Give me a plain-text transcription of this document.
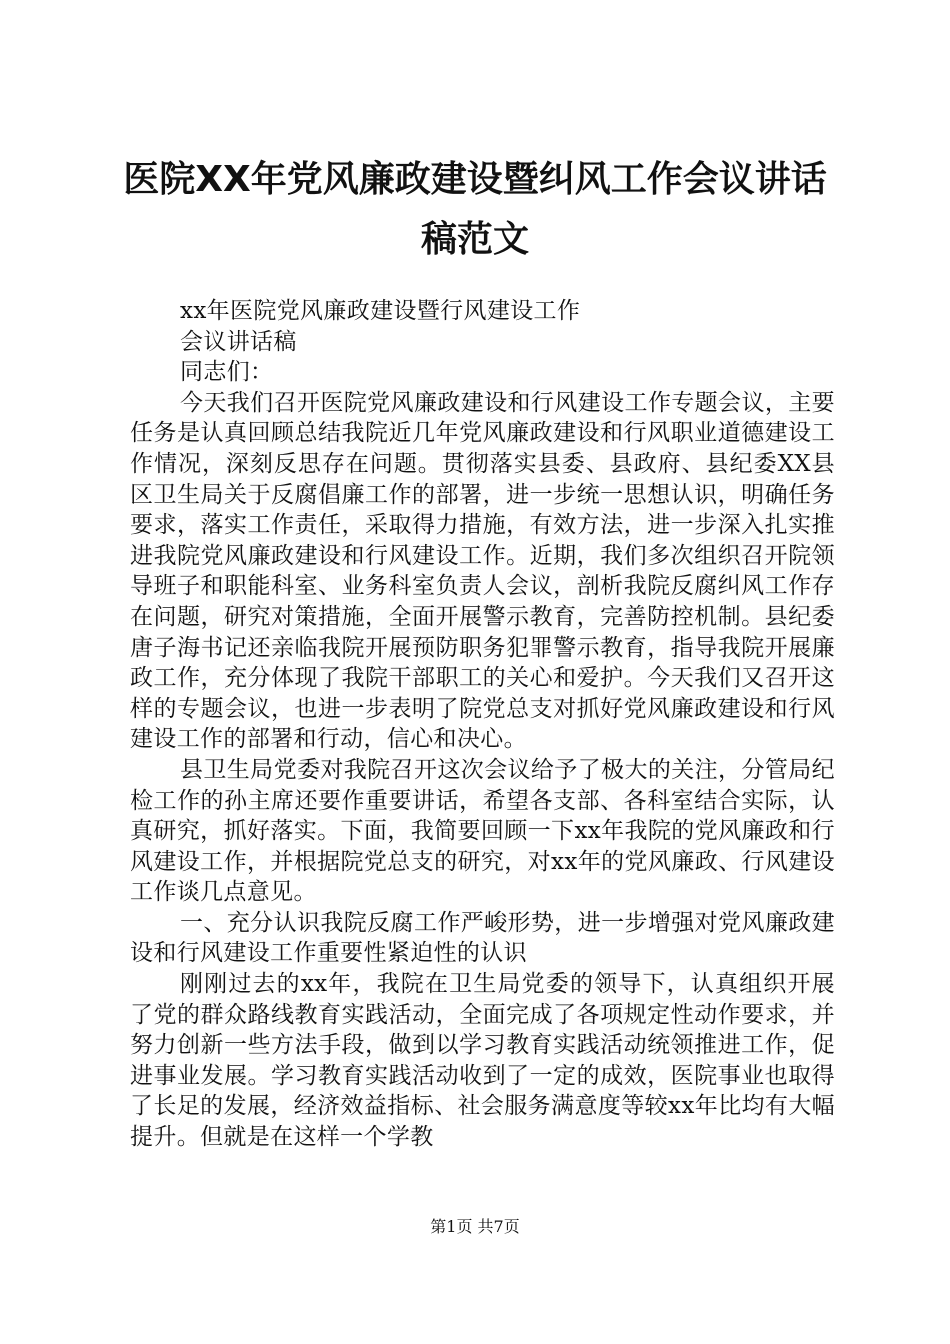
医院XX年党风廉政建设暨纠风工作会议讲话
稿范文

xx年医院党风廉政建设暨行风建设工作

会议讲话稿

同志们：

今天我们召开医院党风廉政建设和行风建设工作专题会议，主要任务是认真回顾总结我院近几年党风廉政建设和行风职业道德建设工作情况，深刻反思存在问题。贯彻落实县委、县政府、县纪委XX县区卫生局关于反腐倡廉工作的部署，进一步统一思想认识，明确任务要求，落实工作责任，采取得力措施，有效方法，进一步深入扎实推进我院党风廉政建设和行风建设工作。近期，我们多次组织召开院领导班子和职能科室、业务科室负责人会议，剖析我院反腐纠风工作存在问题，研究对策措施，全面开展警示教育，完善防控机制。县纪委唐子海书记还亲临我院开展预防职务犯罪警示教育，指导我院开展廉政工作，充分体现了我院干部职工的关心和爱护。今天我们又召开这样的专题会议，也进一步表明了院党总支对抓好党风廉政建设和行风建设工作的部署和行动，信心和决心。

县卫生局党委对我院召开这次会议给予了极大的关注，分管局纪检工作的孙主席还要作重要讲话，希望各支部、各科室结合实际，认真研究，抓好落实。下面，我简要回顾一下xx年我院的党风廉政和行风建设工作，并根据院党总支的研究，对xx年的党风廉政、行风建设工作谈几点意见。

一、充分认识我院反腐工作严峻形势，进一步增强对党风廉政建设和行风建设工作重要性紧迫性的认识

刚刚过去的xx年，我院在卫生局党委的领导下，认真组织开展了党的群众路线教育实践活动，全面完成了各项规定性动作要求，并努力创新一些方法手段，做到以学习教育实践活动统领推进工作，促进事业发展。学习教育实践活动收到了一定的成效，医院事业也取得了长足的发展，经济效益指标、社会服务满意度等较xx年比均有大幅提升。但就是在这样一个学教

第1页 共7页
